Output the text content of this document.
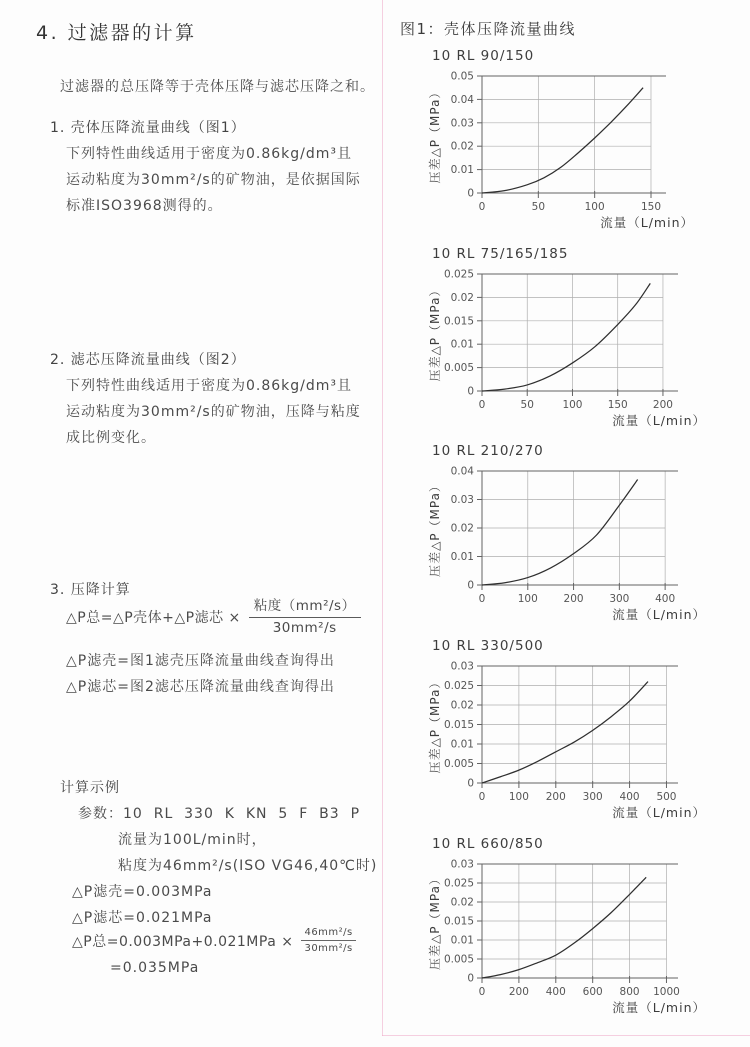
4. 过滤器的计算
过滤器的总压降等于壳体压降与滤芯压降之和。
1. 壳体压降流量曲线（图1）
下列特性曲线适用于密度为0.86kg/dm³且
运动粘度为30mm²/s的矿物油，是依据国际
标准ISO3968测得的。
2. 滤芯压降流量曲线（图2）
下列特性曲线适用于密度为0.86kg/dm³且
运动粘度为30mm²/s的矿物油，压降与粘度
成比例变化。
3. 压降计算
△P总=△P壳体+△P滤芯 × $\frac{\text{粘度（mm²/s）}}{\text{30mm²/s}}$
△P滤壳=图1滤壳压降流量曲线查询得出
△P滤芯=图2滤芯压降流量曲线查询得出
计算示例
参数：10  RL  330  K  KN  5  F  B3  P
流量为100L/min时，
粘度为46mm²/s(ISO VG46,40℃时)
△P滤壳=0.003MPa
△P滤芯=0.021MPa
△P总$=0.003MPa+0.021MPa \times \frac{\text{46mm²/s}}{\text{30mm²/s}}$
=0.035MPa
图1：壳体压降流量曲线
10 RL 90/150
0
0.01
0.02
0.03
0.04
0.05
0	50	100	150
压差△P（MPa）
流量（L/min）
10 RL 75/165/185
0
0.005
0.01
0.015
0.02
0.025
0	50	100 150 200
压差△P（MPa）
流量（L/min）
10 RL 210/270
0
0.01
0.02
0.03
0.04
0	100 200 300 400
压差△P（MPa）
流量（L/min）
10 RL 330/500
0
0.005
0.01
0.015
0.02
0.025
0.03
0 100 200 300 400 500
压差△P（MPa）
流量（L/min）
10 RL 660/850
0
0.005
0.01
0.015
0.02
0.025
0.03
0 200 400 600 800 1000
压差△P（MPa）
流量（L/min）
